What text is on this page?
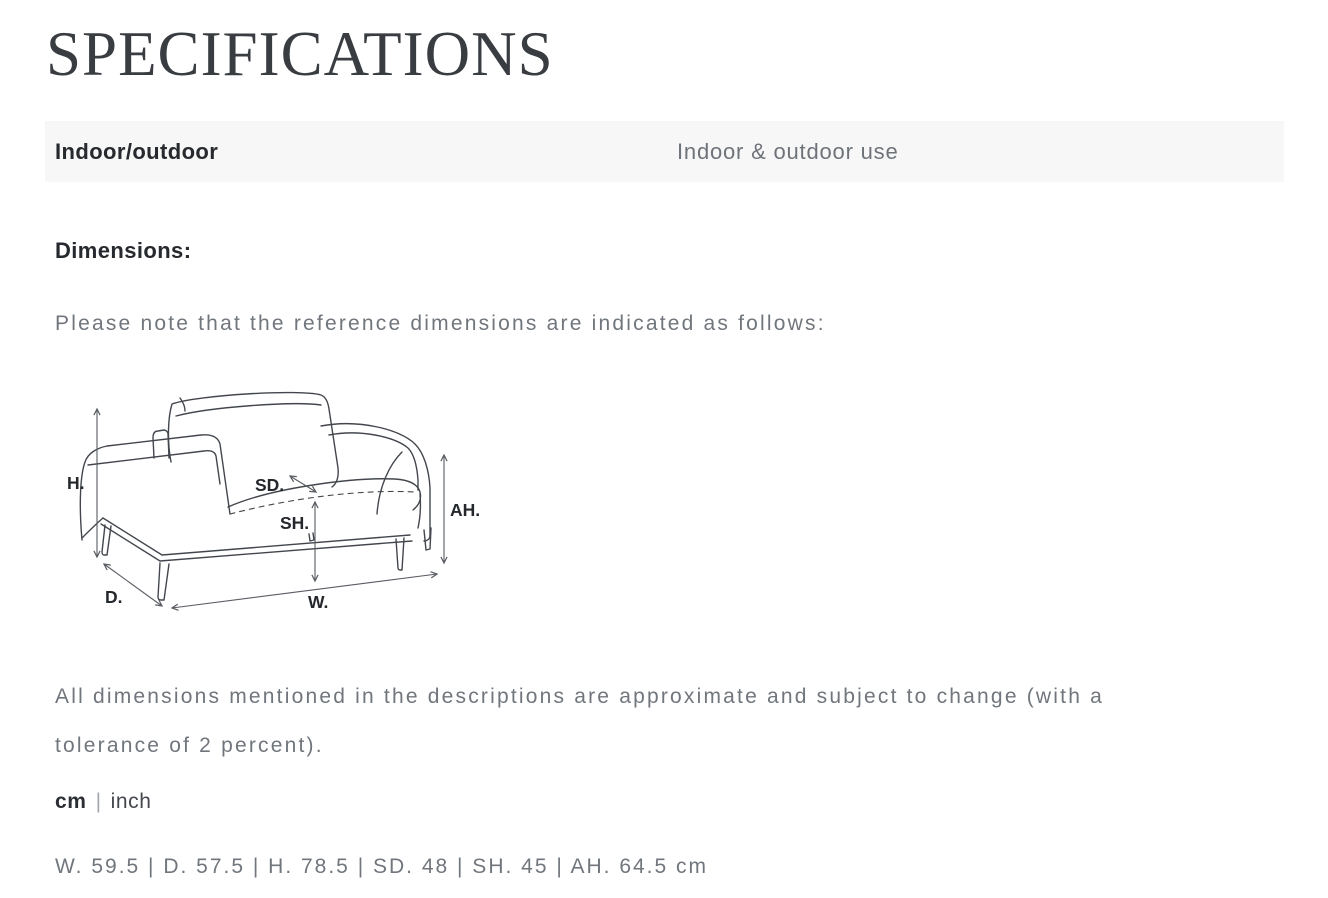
SPECIFICATIONS
Indoor/outdoor	Indoor & outdoor use
Dimensions:
Please note that the reference dimensions are indicated as follows:
H.	SD.
SH.
AH.
D.	W.
All dimensions mentioned in the descriptions are approximate and subject to change (with a
tolerance of 2 percent).
cm | inch
W. 59.5 | D. 57.5 | H. 78.5 | SD. 48 | SH. 45 | AH. 64.5 cm
